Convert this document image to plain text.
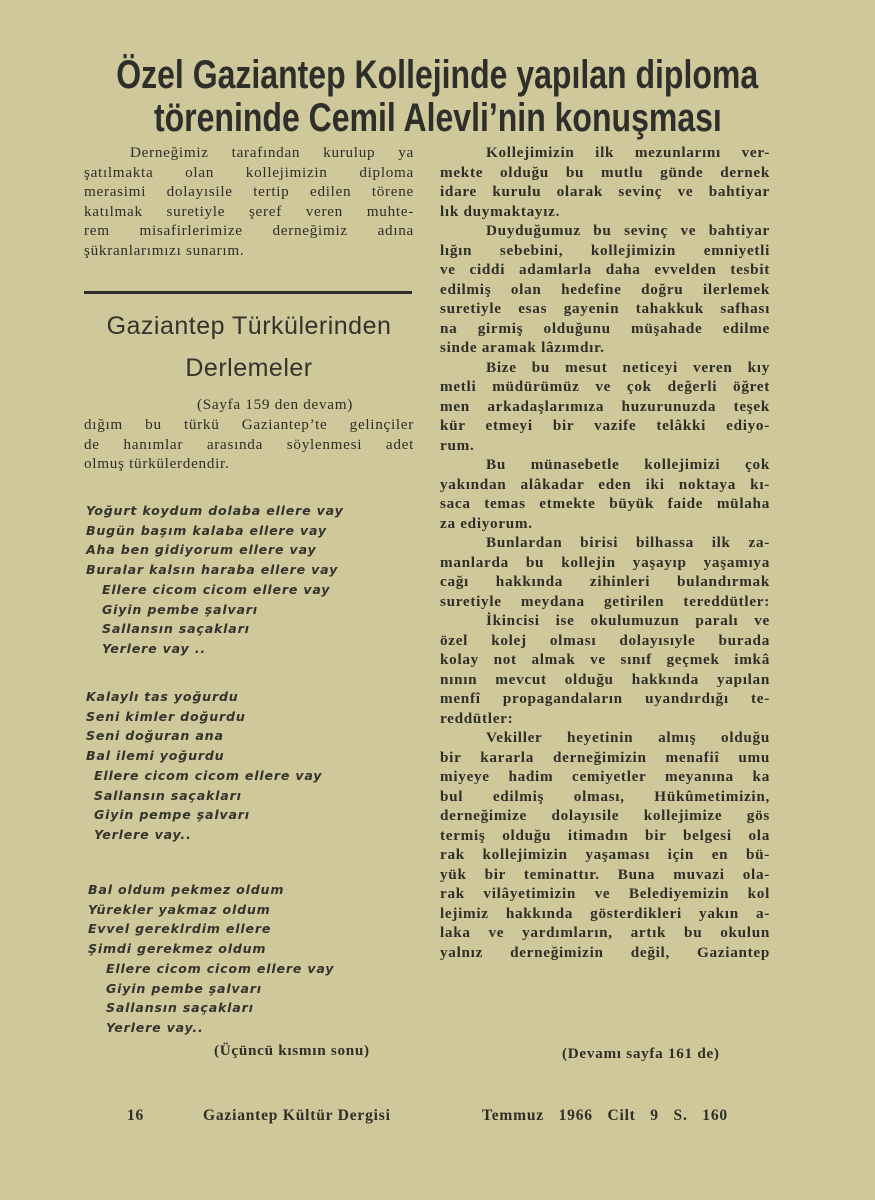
Özel Gaziantep Kollejinde yapılan diploma
töreninde Cemil Alevli’nin konuşması
Derneğimiz tarafından kurulup ya
şatılmakta olan kollejimizin diploma
merasimi dolayısile tertip edilen törene
katılmak suretiyle şeref veren muhte-
rem misafirlerimize derneğimiz adına
şükranlarımızı sunarım.
Gaziantep Türkülerinden
Derlemeler
(Sayfa 159 den devam)
dığım bu türkü Gaziantep’te gelinçiler
de hanımlar arasında söylenmesi adet
olmuş türkülerdendir.
Yoğurt koydum dolaba ellere vay
Bugün başım kalaba ellere vay
Aha ben gidiyorum ellere vay
Buralar kalsın haraba ellere vay
Ellere cicom cicom ellere vay
Giyin pembe şalvarı
Sallansın saçakları
Yerlere vay ..
Kalaylı tas yoğurdu
Seni kimler doğurdu
Seni doğuran ana
Bal ilemi yoğurdu
Ellere cicom cicom ellere vay
Sallansın saçakları
Giyin pempe şalvarı
Yerlere vay..
Bal oldum pekmez oldum
Yürekler yakmaz oldum
Evvel gereklrdim ellere
Şimdi gerekmez oldum
Ellere cicom cicom ellere vay
Giyin pembe şalvarı
Sallansın saçakları
Yerlere vay..
(Üçüncü kısmın sonu)
Kollejimizin ilk mezunlarını ver-
mekte olduğu bu mutlu günde dernek
idare kurulu olarak sevinç ve bahtiyar
lık duymaktayız.
Duyduğumuz bu sevinç ve bahtiyar
lığın sebebini, kollejimizin emniyetli
ve ciddi adamlarla daha evvelden tesbit
edilmiş olan hedefine doğru ilerlemek
suretiyle esas gayenin tahakkuk safhası
na girmiş olduğunu müşahade edilme
sinde aramak lâzımdır.
Bize bu mesut neticeyi veren kıy
metli müdürümüz ve çok değerli öğret
men arkadaşlarımıza huzurunuzda teşek
kür etmeyi bir vazife telâkki ediyo-
rum.
Bu münasebetle kollejimizi çok
yakından alâkadar eden iki noktaya kı-
saca temas etmekte büyük faide mülaha
za ediyorum.
Bunlardan birisi bilhassa ilk za-
manlarda bu kollejin yaşayıp yaşamıya
cağı hakkında zihinleri bulandırmak
suretiyle meydana getirilen tereddütler:
İkincisi ise okulumuzun paralı ve
özel kolej olması dolayısıyle burada
kolay not almak ve sınıf geçmek imkâ
nının mevcut olduğu hakkında yapılan
menfî propagandaların uyandırdığı te-
reddütler:
Vekiller heyetinin almış olduğu
bir kararla derneğimizin menafiî umu
miyeye hadim cemiyetler meyanına ka
bul edilmiş olması, Hükûmetimizin,
derneğimize dolayısile kollejimize gös
termiş olduğu itimadın bir belgesi ola
rak kollejimizin yaşaması için en bü-
yük bir teminattır. Buna muvazi ola-
rak vilâyetimizin ve Belediyemizin kol
lejimiz hakkında gösterdikleri yakın a-
laka ve yardımların, artık bu okulun
yalnız derneğimizin değil, Gaziantep
(Devamı sayfa 161 de)
16	Gaziantep Kültür Dergisi	Temmuz 1966 Cilt 9 S. 160
